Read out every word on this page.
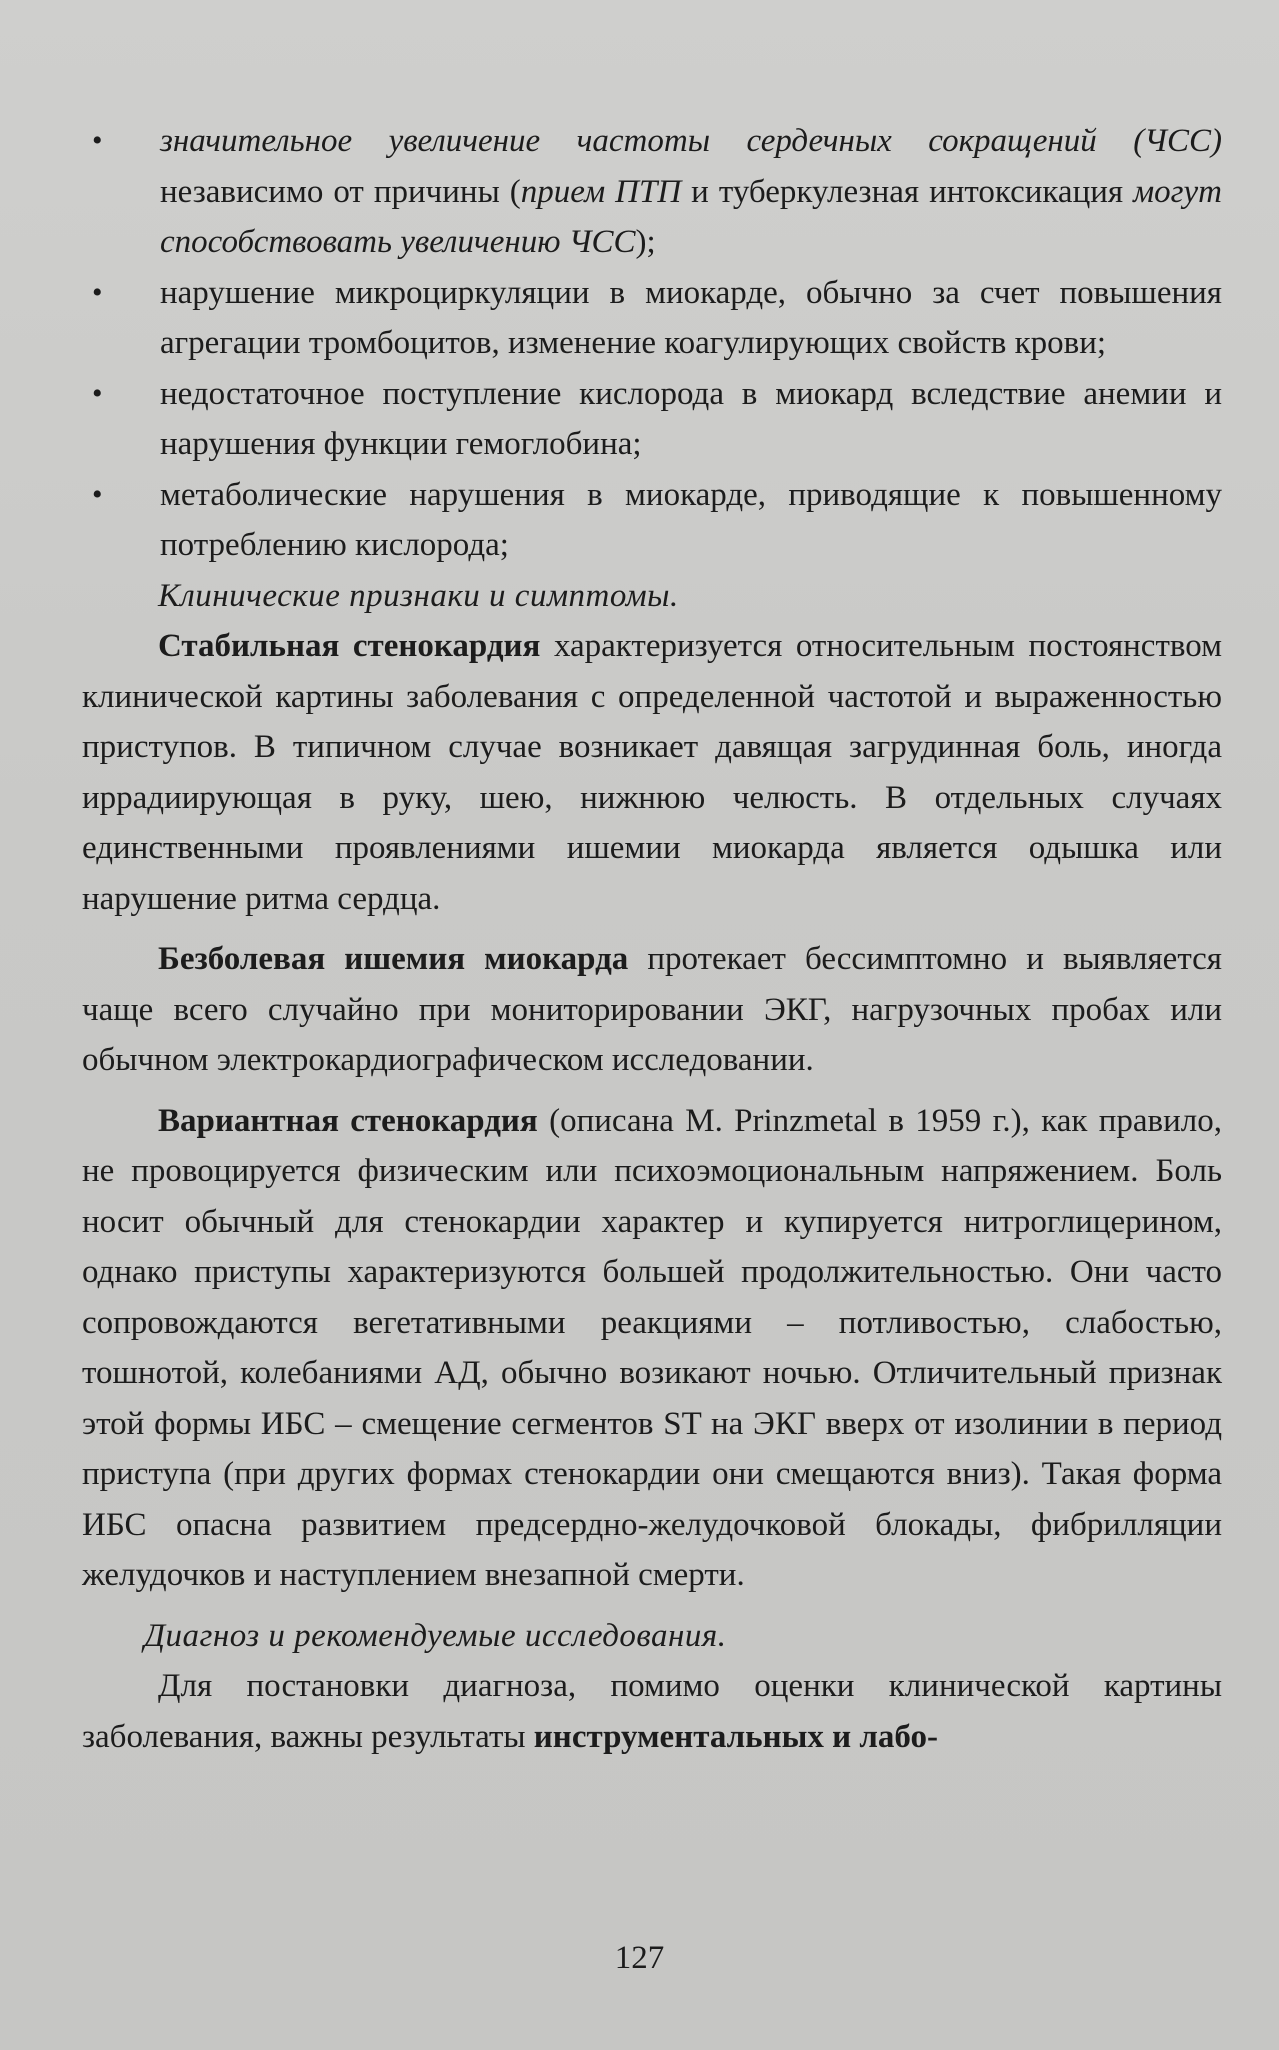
• значительное увеличение частоты сердечных сокращений (ЧСС) независимо от причины (прием ПТП и туберкулезная интоксикация могут способствовать увеличению ЧСС);
• нарушение микроциркуляции в миокарде, обычно за счет повышения агрегации тромбоцитов, изменение коагулирующих свойств крови;
• недостаточное поступление кислорода в миокард вследствие анемии и нарушения функции гемоглобина;
• метаболические нарушения в миокарде, приводящие к повышенному потреблению кислорода;

Клинические признаки и симптомы.

Стабильная стенокардия характеризуется относительным постоянством клинической картины заболевания с определенной частотой и выраженностью приступов. В типичном случае возникает давящая загрудинная боль, иногда иррадиирующая в руку, шею, нижнюю челюсть. В отдельных случаях единственными проявлениями ишемии миокарда является одышка или нарушение ритма сердца.

Безболевая ишемия миокарда протекает бессимптомно и выявляется чаще всего случайно при мониторировании ЭКГ, нагрузочных пробах или обычном электрокардиографическом исследовании.

Вариантная стенокардия (описана M. Prinzmetal в 1959 г.), как правило, не провоцируется физическим или психоэмоциональным напряжением. Боль носит обычный для стенокардии характер и купируется нитроглицерином, однако приступы характеризуются большей продолжительностью. Они часто сопровождаются вегетативными реакциями – потливостью, слабостью, тошнотой, колебаниями АД, обычно возикают ночью. Отличительный признак этой формы ИБС – смещение сегментов ST на ЭКГ вверх от изолинии в период приступа (при других формах стенокардии они смещаются вниз). Такая форма ИБС опасна развитием предсердно-желудочковой блокады, фибрилляции желудочков и наступлением внезапной смерти.

Диагноз и рекомендуемые исследования.

Для постановки диагноза, помимо оценки клинической картины заболевания, важны результаты инструментальных и лабо-

127
